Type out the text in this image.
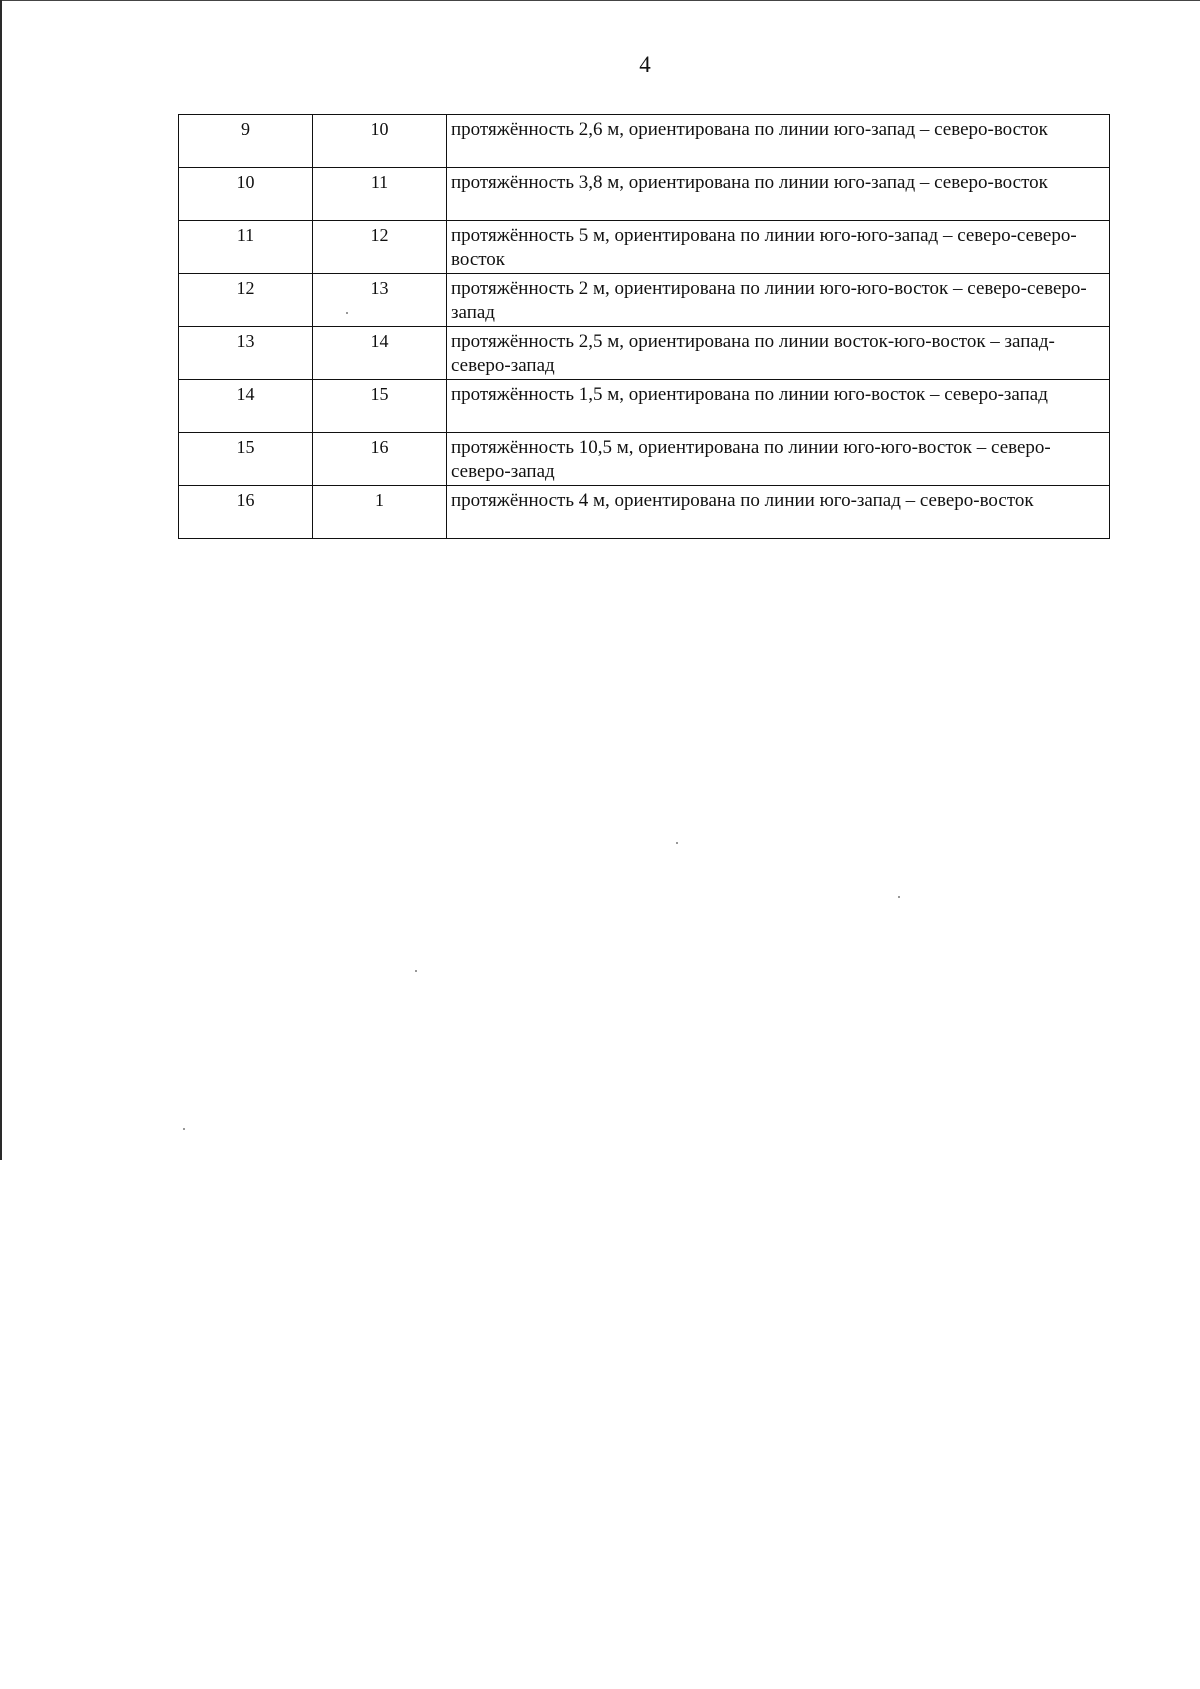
4
9	10	протяжённость 2,6 м, ориентирована по линии юго-запад – северо-восток
10	11	протяжённость 3,8 м, ориентирована по линии юго-запад – северо-восток
11	12	протяжённость 5 м, ориентирована по линии юго-юго-запад – северо-северо-восток
12	13	протяжённость 2 м, ориентирована по линии юго-юго-восток – северо-северо-запад
13	14	протяжённость 2,5 м, ориентирована по линии восток-юго-восток – запад-северо-запад
14	15	протяжённость 1,5 м, ориентирована по линии юго-восток – северо-запад
15	16	протяжённость 10,5 м, ориентирована по линии юго-юго-восток – северо-северо-запад
16	1	протяжённость 4 м, ориентирована по линии юго-запад – северо-восток
